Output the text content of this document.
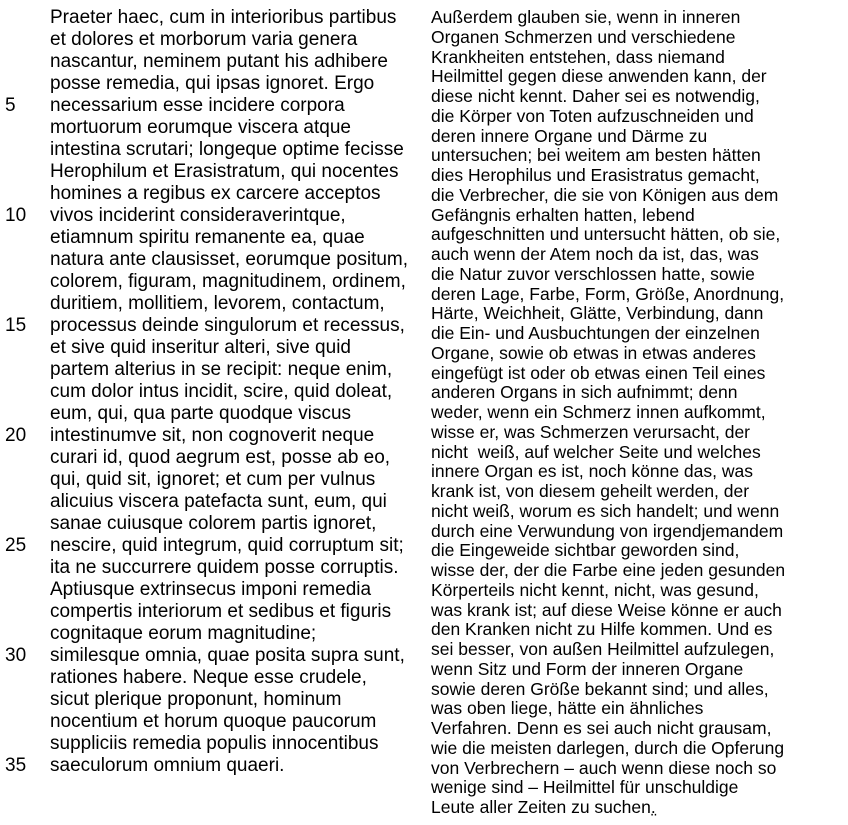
Praeter haec, cum in interioribus partibus
et dolores et morborum varia genera
nascantur, neminem putant his adhibere
posse remedia, qui ipsas ignoret. Ergo
5	necessarium esse incidere corpora
mortuorum eorumque viscera atque
intestina scrutari; longeque optime fecisse
Herophilum et Erasistratum, qui nocentes
homines a regibus ex carcere acceptos
10	vivos inciderint consideraverintque,
etiamnum spiritu remanente ea, quae
natura ante clausisset, eorumque positum,
colorem, figuram, magnitudinem, ordinem,
duritiem, mollitiem, levorem, contactum,
15	processus deinde singulorum et recessus,
et sive quid inseritur alteri, sive quid
partem alterius in se recipit: neque enim,
cum dolor intus incidit, scire, quid doleat,
eum, qui, qua parte quodque viscus
20	intestinumve sit, non cognoverit neque
curari id, quod aegrum est, posse ab eo,
qui, quid sit, ignoret; et cum per vulnus
alicuius viscera patefacta sunt, eum, qui
sanae cuiusque colorem partis ignoret,
25	nescire, quid integrum, quid corruptum sit;
ita ne succurrere quidem posse corruptis.
Aptiusque extrinsecus imponi remedia
compertis interiorum et sedibus et figuris
cognitaque eorum magnitudine;
30	similesque omnia, quae posita supra sunt,
rationes habere. Neque esse crudele,
sicut plerique proponunt, hominum
nocentium et horum quoque paucorum
suppliciis remedia populis innocentibus
35	saeculorum omnium quaeri.
Außerdem glauben sie, wenn in inneren
Organen Schmerzen und verschiedene
Krankheiten entstehen, dass niemand
Heilmittel gegen diese anwenden kann, der
diese nicht kennt. Daher sei es notwendig,
die Körper von Toten aufzuschneiden und
deren innere Organe und Därme zu
untersuchen; bei weitem am besten hätten
dies Herophilus und Erasistratus gemacht,
die Verbrecher, die sie von Königen aus dem
Gefängnis erhalten hatten, lebend
aufgeschnitten und untersucht hätten, ob sie,
auch wenn der Atem noch da ist, das, was
die Natur zuvor verschlossen hatte, sowie
deren Lage, Farbe, Form, Größe, Anordnung,
Härte, Weichheit, Glätte, Verbindung, dann
die Ein- und Ausbuchtungen der einzelnen
Organe, sowie ob etwas in etwas anderes
eingefügt ist oder ob etwas einen Teil eines
anderen Organs in sich aufnimmt; denn
weder, wenn ein Schmerz innen aufkommt,
wisse er, was Schmerzen verursacht, der
nicht  weiß, auf welcher Seite und welches
innere Organ es ist, noch könne das, was
krank ist, von diesem geheilt werden, der
nicht weiß, worum es sich handelt; und wenn
durch eine Verwundung von irgendjemandem
die Eingeweide sichtbar geworden sind,
wisse der, der die Farbe eine jeden gesunden
Körperteils nicht kennt, nicht, was gesund,
was krank ist; auf diese Weise könne er auch
den Kranken nicht zu Hilfe kommen. Und es
sei besser, von außen Heilmittel aufzulegen,
wenn Sitz und Form der inneren Organe
sowie deren Größe bekannt sind; und alles,
was oben liege, hätte ein ähnliches
Verfahren. Denn es sei auch nicht grausam,
wie die meisten darlegen, durch die Opferung
von Verbrechern – auch wenn diese noch so
wenige sind – Heilmittel für unschuldige
Leute aller Zeiten zu suchen.
¨
